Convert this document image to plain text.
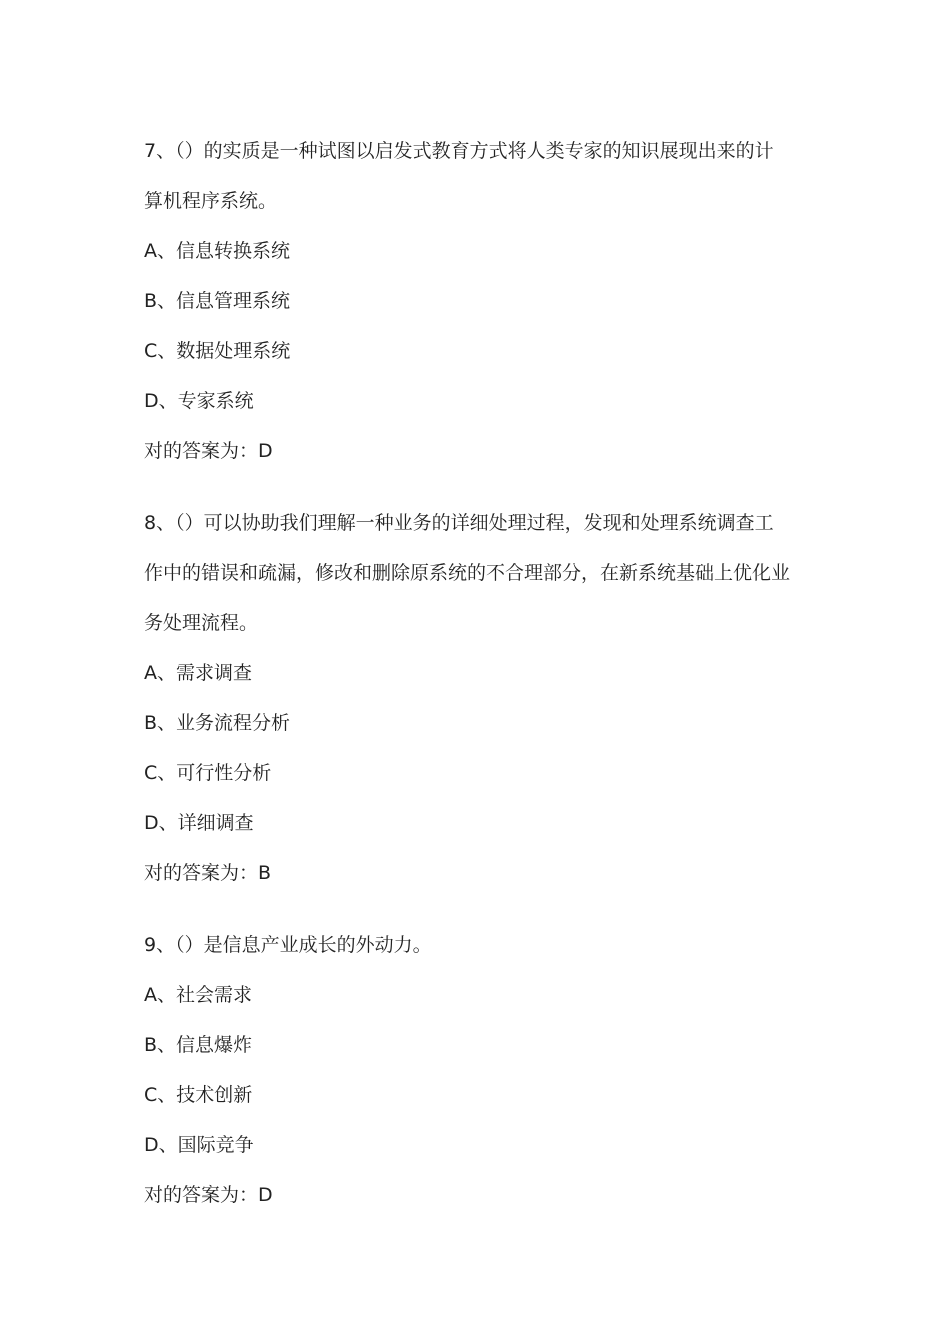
7、（）的实质是一种试图以启发式教育方式将人类专家的知识展现出来的计
算机程序系统。

A、信息转换系统

B、信息管理系统

C、数据处理系统

D、专家系统

对的答案为：D

8、（）可以协助我们理解一种业务的详细处理过程，发现和处理系统调查工
作中的错误和疏漏，修改和删除原系统的不合理部分，在新系统基础上优化业
务处理流程。

A、需求调查

B、业务流程分析

C、可行性分析

D、详细调查

对的答案为：B

9、（）是信息产业成长的外动力。

A、社会需求

B、信息爆炸

C、技术创新

D、国际竞争

对的答案为：D
